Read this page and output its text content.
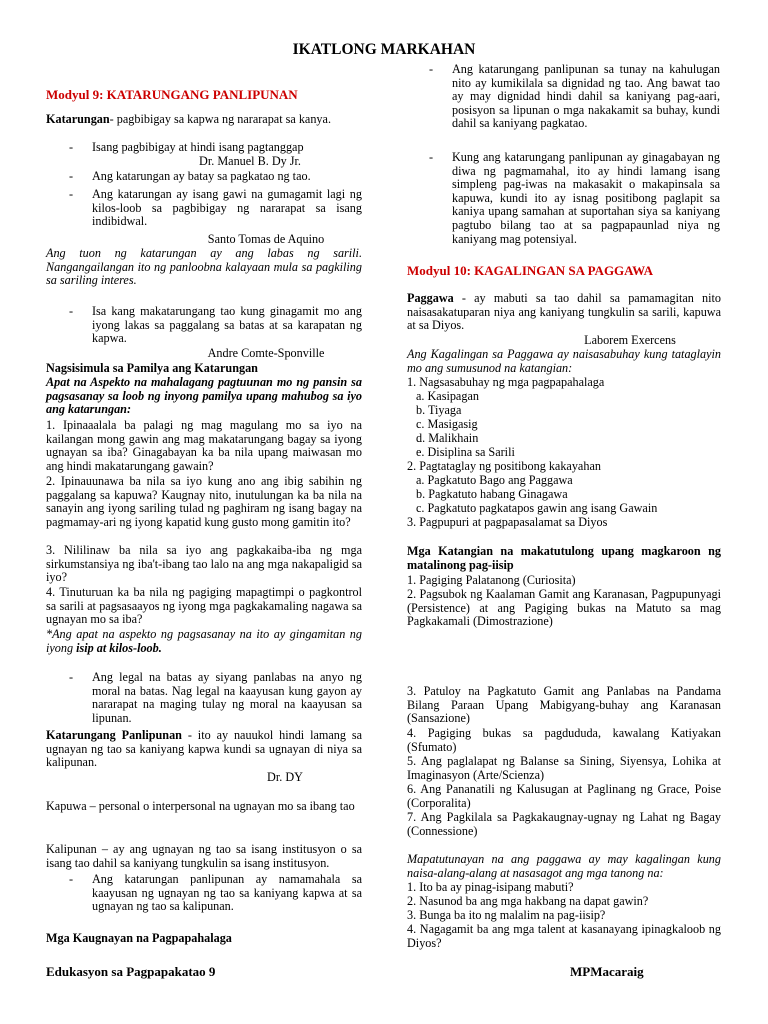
IKATLONG MARKAHAN
Modyul 9: KATARUNGANG PANLIPUNAN
Katarungan- pagbibigay sa kapwa ng nararapat sa kanya.
- Isang pagbibigay at hindi isang pagtanggap
Dr. Manuel B. Dy Jr.
- Ang katarungan ay batay sa pagkatao ng tao.
- Ang katarungan ay isang gawi na gumagamit lagi ng kilos-loob sa pagbibigay ng nararapat sa isang indibidwal.
Santo Tomas de Aquino
Ang tuon ng katarungan ay ang labas ng sarili. Nangangailangan ito ng panloobna kalayaan mula sa pagkiling sa sariling interes.
- Isa kang makatarungang tao kung ginagamit mo ang iyong lakas sa paggalang sa batas at sa karapatan ng kapwa.
Andre Comte-Sponville
Nagsisimula sa Pamilya ang Katarungan
Apat na Aspekto na mahalagang pagtuunan mo ng pansin sa pagsasanay sa loob ng inyong pamilya upang mahubog sa iyo ang katarungan:
1. Ipinaaalala ba palagi ng mag magulang mo sa iyo na kailangan mong gawin ang mag makatarungang bagay sa iyong ugnayan sa iba? Ginagabayan ka ba nila upang maiwasan mo ang hindi makatarungang gawain?
2. Ipinauunawa ba nila sa iyo kung ano ang ibig sabihin ng paggalang sa kapuwa? Kaugnay nito, inutulungan ka ba nila na sanayin ang iyong sariling tulad ng paghiram ng isang bagay na pagmamay-ari ng iyong kapatid kung gusto mong gamitin ito?
3. Nililinaw ba nila sa iyo ang pagkakaiba-iba ng mga sirkumstansiya ng iba't-ibang tao lalo na ang mga nakapaligid sa iyo?
4. Tinuturuan ka ba nila ng pagiging mapagtimpi o pagkontrol sa sarili at pagsasaayos ng iyong mga pagkakamaling nagawa sa ugnayan mo sa iba?
*Ang apat na aspekto ng pagsasanay na ito ay gingamitan ng iyong isip at kilos-loob.
- Ang legal na batas ay siyang panlabas na anyo ng moral na batas. Nag legal na kaayusan kung gayon ay nararapat na maging tulay ng moral na kaayusan sa lipunan.
Katarungang Panlipunan - ito ay nauukol hindi lamang sa ugnayan ng tao sa kaniyang kapwa kundi sa ugnayan di niya sa kalipunan.
Dr. DY
Kapuwa – personal o interpersonal na ugnayan mo sa ibang tao
Kalipunan – ay ang ugnayan ng tao sa isang institusyon o sa isang tao dahil sa kaniyang tungkulin sa isang institusyon.
- Ang katarungan panlipunan ay namamahala sa kaayusan ng ugnayan ng tao sa kaniyang kapwa at sa ugnayan ng tao sa kalipunan.
Mga Kaugnayan na Pagpapahalaga
- Ang katarungang panlipunan sa tunay na kahulugan nito ay kumikilala sa dignidad ng tao. Ang bawat tao ay may dignidad hindi dahil sa kaniyang pag-aari, posisyon sa lipunan o mga nakakamit sa buhay, kundi dahil sa kaniyang pagkatao.
- Kung ang katarungang panlipunan ay ginagabayan ng diwa ng pagmamahal, ito ay hindi lamang isang simpleng pag-iwas na makasakit o makapinsala sa kapuwa, kundi ito ay isnag positibong paglapit sa kaniya upang samahan at suportahan siya sa kaniyang pagtubo bilang tao at sa pagpapaunlad niya ng kaniyang mag potensiyal.
Modyul 10: KAGALINGAN SA PAGGAWA
Paggawa - ay mabuti sa tao dahil sa pamamagitan nito naisasakatuparan niya ang kaniyang tungkulin sa sarili, kapuwa at sa Diyos.
Laborem Exercens
Ang Kagalingan sa Paggawa ay naisasabuhay kung tataglayin mo ang sumusunod na katangian:
1. Nagsasabuhay ng mga pagpapahalaga
a. Kasipagan
b. Tiyaga
c. Masigasig
d. Malikhain
e. Disiplina sa Sarili
2. Pagtataglay ng positibong kakayahan
a. Pagkatuto Bago ang Paggawa
b. Pagkatuto habang Ginagawa
c. Pagkatuto pagkatapos gawin ang isang Gawain
3. Pagpupuri at pagpapasalamat sa Diyos
Mga Katangian na makatutulong upang magkaroon ng matalinong pag-iisip
1. Pagiging Palatanong (Curiosita)
2. Pagsubok ng Kaalaman Gamit ang Karanasan, Pagpupunyagi (Persistence) at ang Pagiging bukas na Matuto sa mag Pagkakamali (Dimostrazione)
3. Patuloy na Pagkatuto Gamit ang Panlabas na Pandama Bilang Paraan Upang Mabigyang-buhay ang Karanasan (Sansazione)
4. Pagiging bukas sa pagdududa, kawalang Katiyakan (Sfumato)
5. Ang paglalapat ng Balanse sa Sining, Siyensya, Lohika at Imaginasyon (Arte/Scienza)
6. Ang Pananatili ng Kalusugan at Paglinang ng Grace, Poise (Corporalita)
7. Ang Pagkilala sa Pagkakaugnay-ugnay ng Lahat ng Bagay (Connessione)
Mapatutunayan na ang paggawa ay may kagalingan kung naisa-alang-alang at nasasagot ang mga tanong na:
1. Ito ba ay pinag-isipang mabuti?
2. Nasunod ba ang mga hakbang na dapat gawin?
3. Bunga ba ito ng malalim na pag-iisip?
4. Nagagamit ba ang mga talent at kasanayang ipinagkaloob ng Diyos?
Edukasyon sa Pagpapakatao 9	MPMacaraig
